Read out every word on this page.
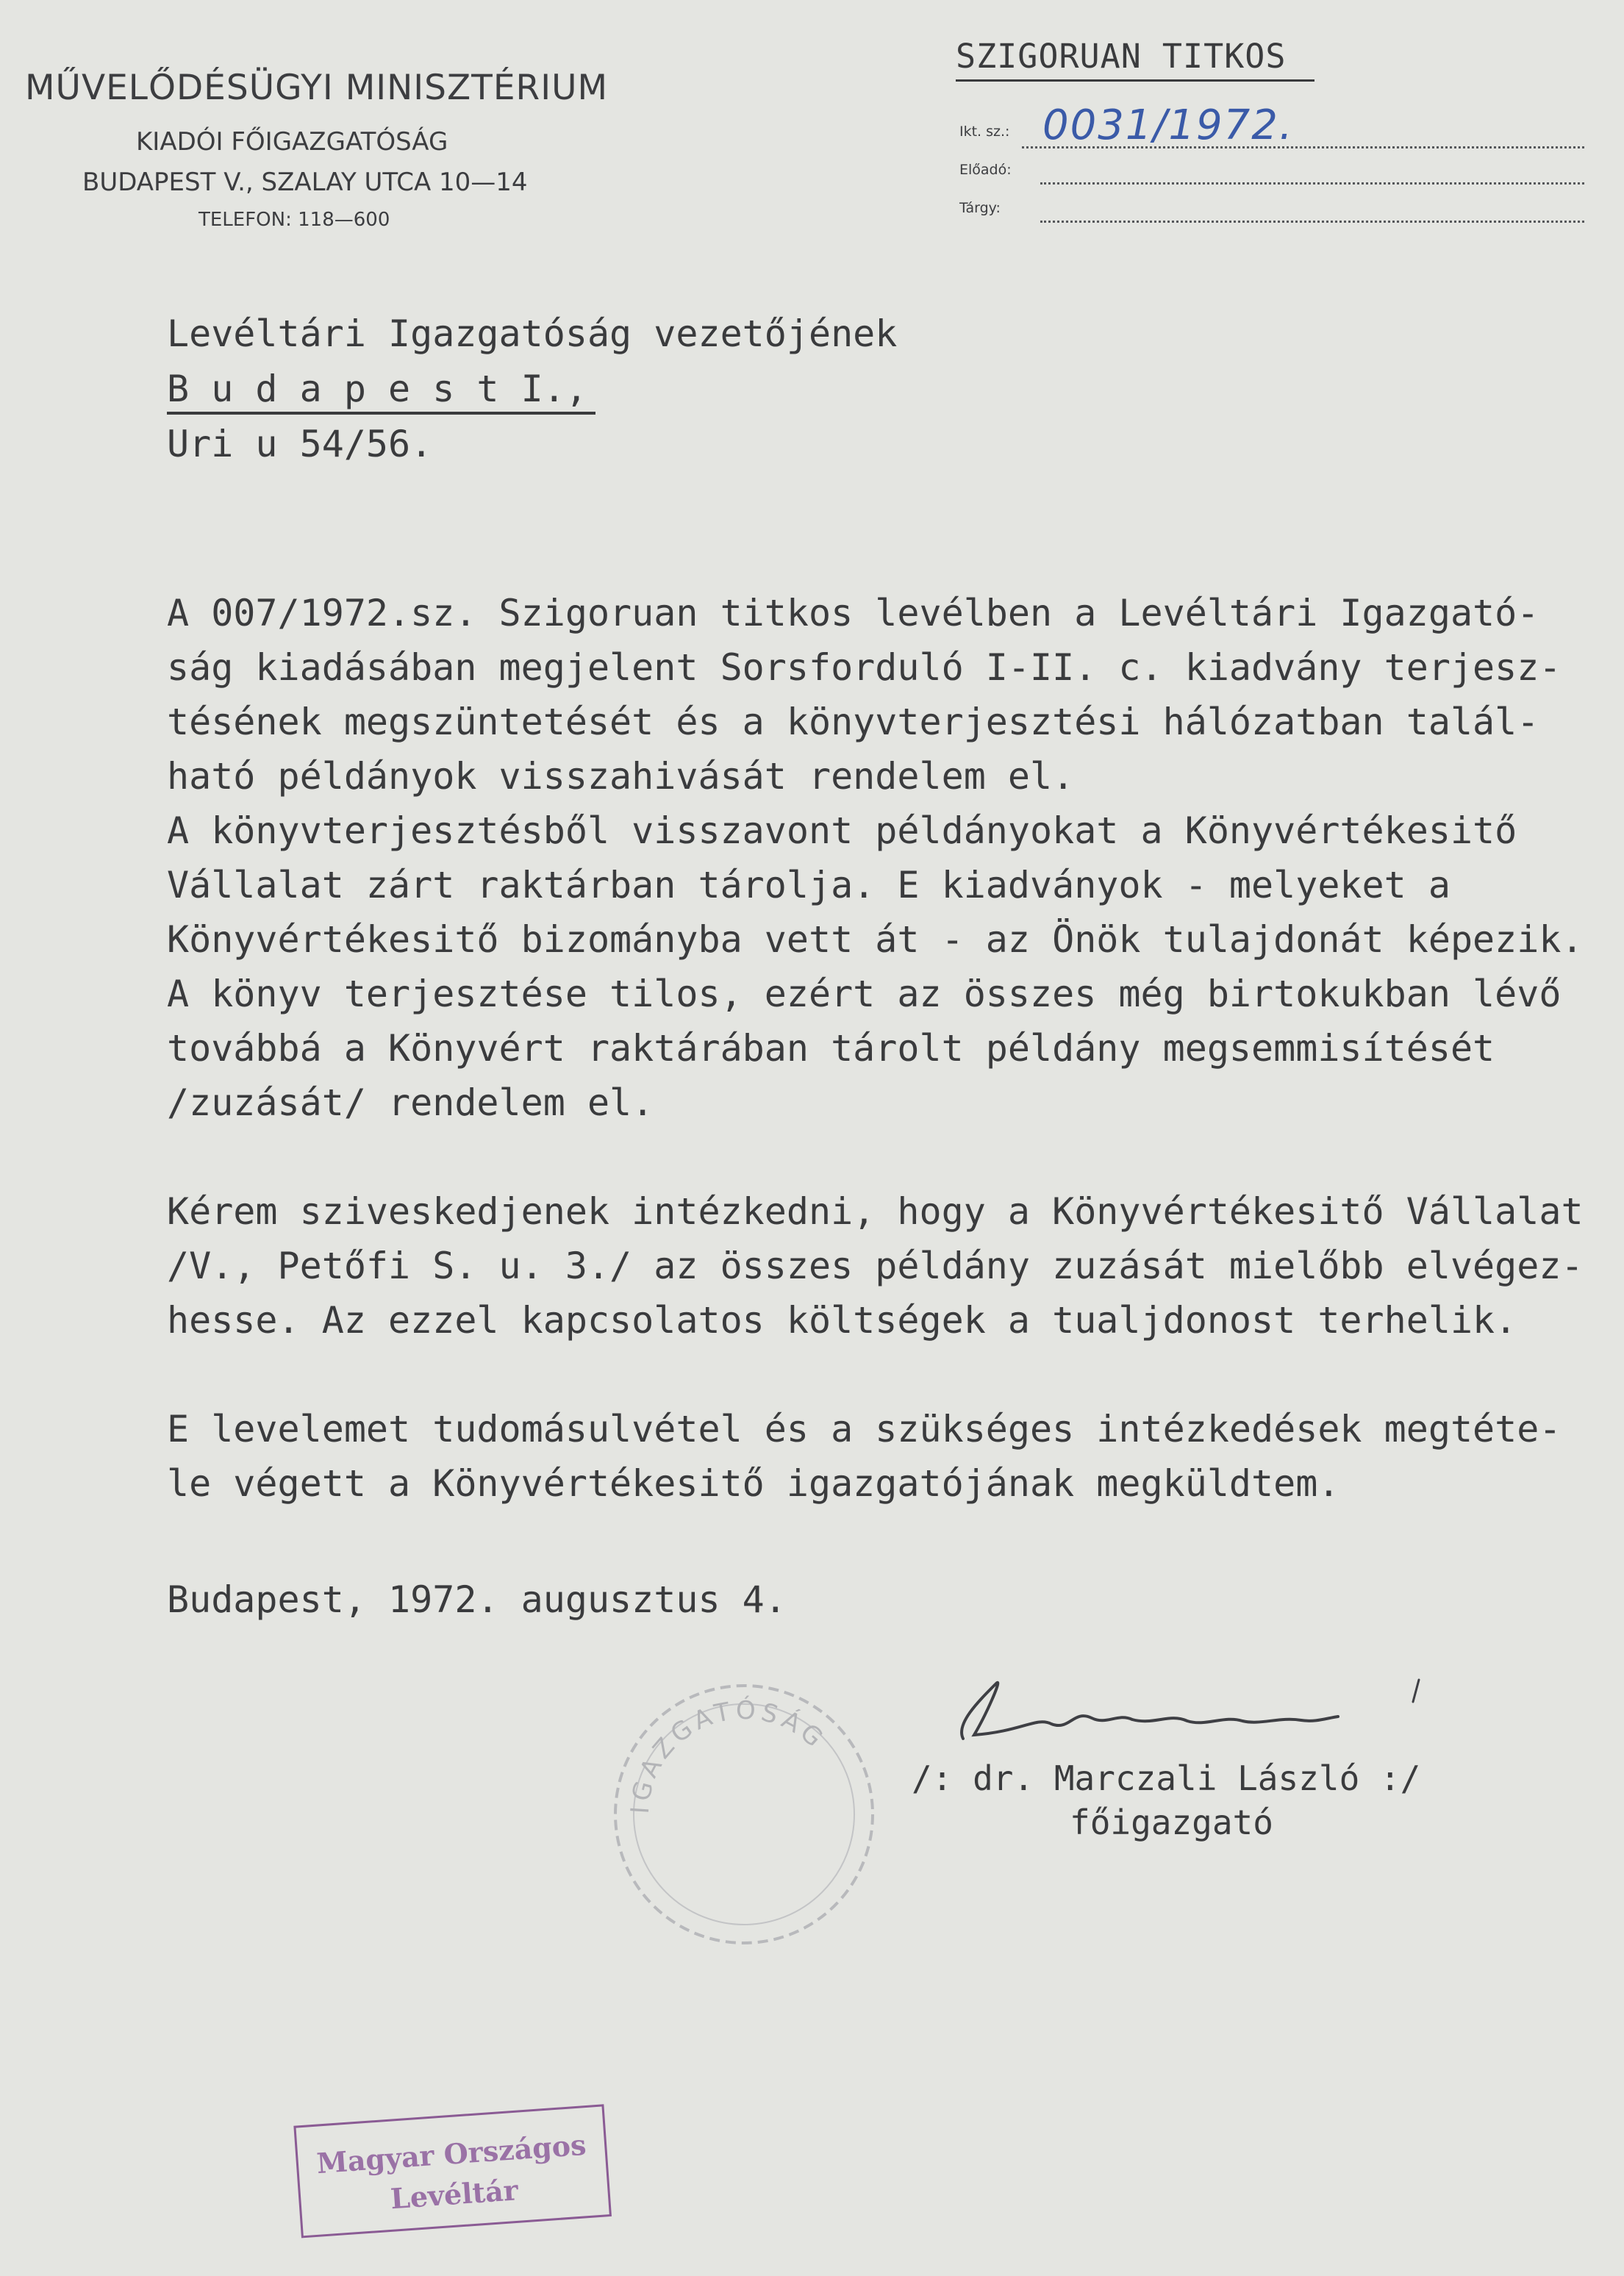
MŰVELŐDÉSÜGYI MINISZTÉRIUM
KIADÓI FŐIGAZGATÓSÁG
BUDAPEST V., SZALAY UTCA 10—14
TELEFON: 118—600
SZIGORUAN TITKOS
Ikt. sz.: 0031/1972.
Előadó:
Tárgy:
Levéltári Igazgatóság vezetőjének
B u d a p e s t I.,
Uri u 54/56.
A 007/1972.sz. Szigoruan titkos levélben a Levéltári Igazgató-
ság kiadásában megjelent Sorsforduló I-II. c. kiadvány terjesz-
tésének megszüntetését és a könyvterjesztési hálózatban talál-
ható példányok visszahivását rendelem el.
A könyvterjesztésből visszavont példányokat a Könyvértékesitő
Vállalat zárt raktárban tárolja. E kiadványok - melyeket a
Könyvértékesitő bizományba vett át - az Önök tulajdonát képezik.
A könyv terjesztése tilos, ezért az összes még birtokukban lévő
továbbá a Könyvért raktárában tárolt példány megsemmisítését
/zuzását/ rendelem el.
Kérem sziveskedjenek intézkedni, hogy a Könyvértékesitő Vállalat
/V., Petőfi S. u. 3./ az összes példány zuzását mielőbb elvégez-
hesse. Az ezzel kapcsolatos költségek a tualjdonost terhelik.
E levelemet tudomásulvétel és a szükséges intézkedések megtéte-
le végett a Könyvértékesitő igazgatójának megküldtem.
Budapest, 1972. augusztus 4.
IGAZGATÓSÁG
/: dr. Marczali László :/
főigazgató
Magyar Országos
Levéltár
